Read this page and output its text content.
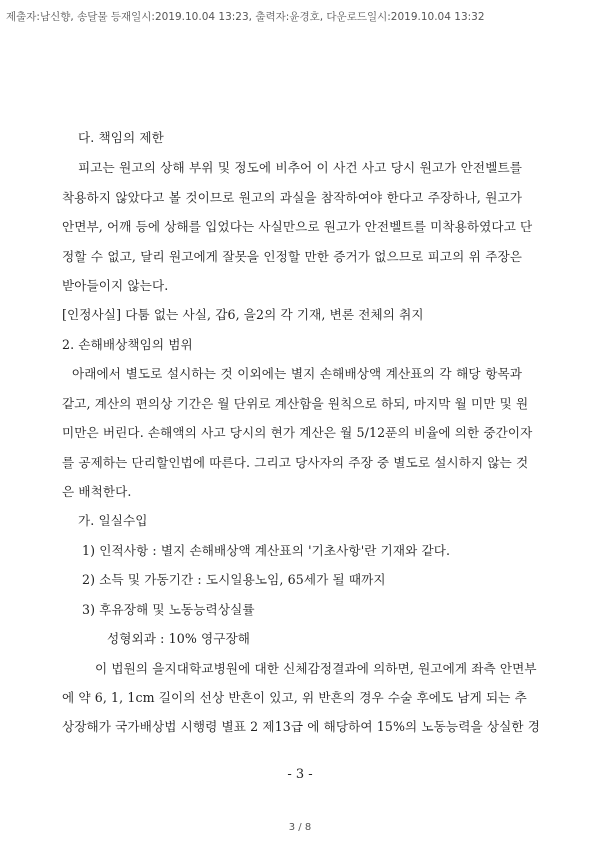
제출자:남신향, 송달물 등재일시:2019.10.04 13:23, 출력자:윤경호, 다운로드일시:2019.10.04 13:32
다. 책임의 제한
피고는 원고의 상해 부위 및 정도에 비추어 이 사건 사고 당시 원고가 안전벨트를
착용하지 않았다고 볼 것이므로 원고의 과실을 참작하여야 한다고 주장하나, 원고가
안면부, 어깨 등에 상해를 입었다는 사실만으로 원고가 안전벨트를 미착용하였다고 단
정할 수 없고, 달리 원고에게 잘못을 인정할 만한 증거가 없으므로 피고의 위 주장은
받아들이지 않는다.
[인정사실] 다툼 없는 사실, 갑6, 을2의 각 기재, 변론 전체의 취지
2. 손해배상책임의 범위
아래에서 별도로 설시하는 것 이외에는 별지 손해배상액 계산표의 각 해당 항목과
같고, 계산의 편의상 기간은 월 단위로 계산함을 원칙으로 하되, 마지막 월 미만 및 원
미만은 버린다. 손해액의 사고 당시의 현가 계산은 월 5/12푼의 비율에 의한 중간이자
를 공제하는 단리할인법에 따른다. 그리고 당사자의 주장 중 별도로 설시하지 않는 것
은 배척한다.
가. 일실수입
1) 인적사항 : 별지 손해배상액 계산표의 '기초사항'란 기재와 같다.
2) 소득 및 가동기간 : 도시일용노임, 65세가 될 때까지
3) 후유장해 및 노동능력상실률
성형외과 : 10% 영구장해
이 법원의 을지대학교병원에 대한 신체감정결과에 의하면, 원고에게 좌측 안면부
에 약 6, 1, 1cm 길이의 선상 반흔이 있고, 위 반흔의 경우 수술 후에도 남게 되는 추
상장해가 국가배상법 시행령 별표 2 제13급 에 해당하여 15%의 노동능력을 상실한 경
- 3 -
3 / 8
